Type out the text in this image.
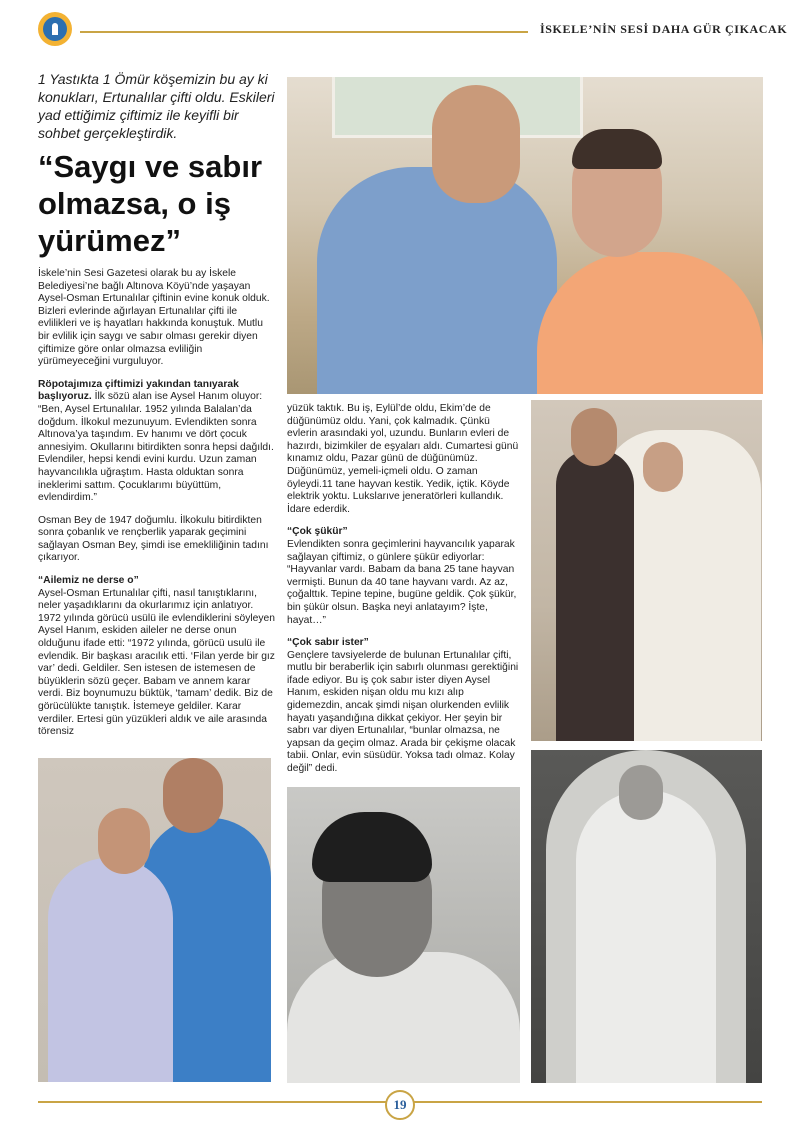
İSKELE’NİN SESİ DAHA GÜR ÇIKACAK

1 Yastıkta 1 Ömür köşemizin bu ay ki konukları, Ertunalılar çifti oldu. Eskileri yad ettiğimiz çiftimiz ile keyifli bir sohbet gerçekleştirdik.

“Saygı ve sabır olmazsa, o iş yürümez”

İskele’nin Sesi Gazetesi olarak bu ay İskele Belediyesi’ne bağlı Altınova Köyü’nde yaşayan Aysel-Osman Ertunalılar çiftinin evine konuk olduk. Bizleri evlerinde ağırlayan Ertunalılar çifti ile evlilikleri ve iş hayatları hakkında konuştuk. Mutlu bir evlilik için saygı ve sabır olması gerekir diyen çiftimize göre onlar olmazsa evliliğin yürümeyeceğini vurguluyor.

Röpotajımıza çiftimizi yakından tanıyarak başlıyoruz. İlk sözü alan ise Aysel Hanım oluyor: “Ben, Aysel Ertunalılar. 1952 yılında Balalan’da doğdum. İlkokul mezunuyum. Evlendikten sonra Altınova’ya taşındım. Ev hanımı ve dört çocuk annesiyim. Okullarını bitirdikten sonra hepsi dağıldı. Evlendiler, hepsi kendi evini kurdu. Uzun zaman hayvancılıkla uğraştım. Hasta olduktan sonra ineklerimi sattım. Çocuklarımı büyüttüm, evlendirdim.”

Osman Bey de 1947 doğumlu. İlkokulu bitirdikten sonra çobanlık ve rençberlik yaparak geçimini sağlayan Osman Bey, şimdi ise emekliliğinin tadını çıkarıyor.

“Ailemiz ne derse o”

Aysel-Osman Ertunalılar çifti, nasıl tanıştıklarını, neler yaşadıklarını da okurlarımız için anlatıyor. 1972 yılında görücü usülü ile evlendiklerini söyleyen Aysel Hanım, eskiden aileler ne derse onun olduğunu ifade etti: “1972 yılında, görücü usulü ile evlendik. Bir başkası aracılık etti. ‘Filan yerde bir gız var’ dedi. Geldiler. Sen istesen de istemesen de büyüklerin sözü geçer. Babam ve annem karar verdi. Biz boynumuzu büktük, ‘tamam’ dedik. Biz de görücülükte tanıştık. İstemeye geldiler. Karar verdiler. Ertesi gün yüzükleri aldık ve aile arasında törensiz

yüzük taktık. Bu iş, Eylül’de oldu, Ekim’de de düğünümüz oldu. Yani, çok kalmadık. Çünkü evlerin arasındaki yol, uzundu. Bunların evleri de hazırdı, bizimkiler de eşyaları aldı. Cumartesi günü kınamız oldu, Pazar günü de düğünümüz. Düğünümüz, yemeli-içmeli oldu. O zaman öyleydi.11 tane hayvan kestik. Yedik, içtik. Köyde elektrik yoktu. Lukslarıve jeneratörleri kullandık. İdare ederdik.

“Çok şükür”

Evlendikten sonra geçimlerini hayvancılık yaparak sağlayan çiftimiz, o günlere şükür ediyorlar: “Hayvanlar vardı. Babam da bana 25 tane hayvan vermişti. Bunun da 40 tane hayvanı vardı. Az az, çoğalttık. Tepine tepine, bugüne geldik. Çok şükür, bin şükür olsun. Başka neyi anlatayım? İşte, hayat…”

“Çok sabır ister”

Gençlere tavsiyelerde de bulunan Ertunalılar çifti, mutlu bir beraberlik için sabırlı olunması gerektiğini ifade ediyor. Bu iş çok sabır ister diyen Aysel Hanım, eskiden nişan oldu mu kızı alıp gidemezdin, ancak şimdi nişan olurkenden evlilik hayatı yaşandığına dikkat çekiyor. Her şeyin bir sabrı var diyen Ertunalılar, “bunlar olmazsa, ne yapsan da geçim olmaz. Arada bir çekişme olacak tabii. Onlar, evin süsüdür. Yoksa tadı olmaz. Kolay değil” dedi.

19
